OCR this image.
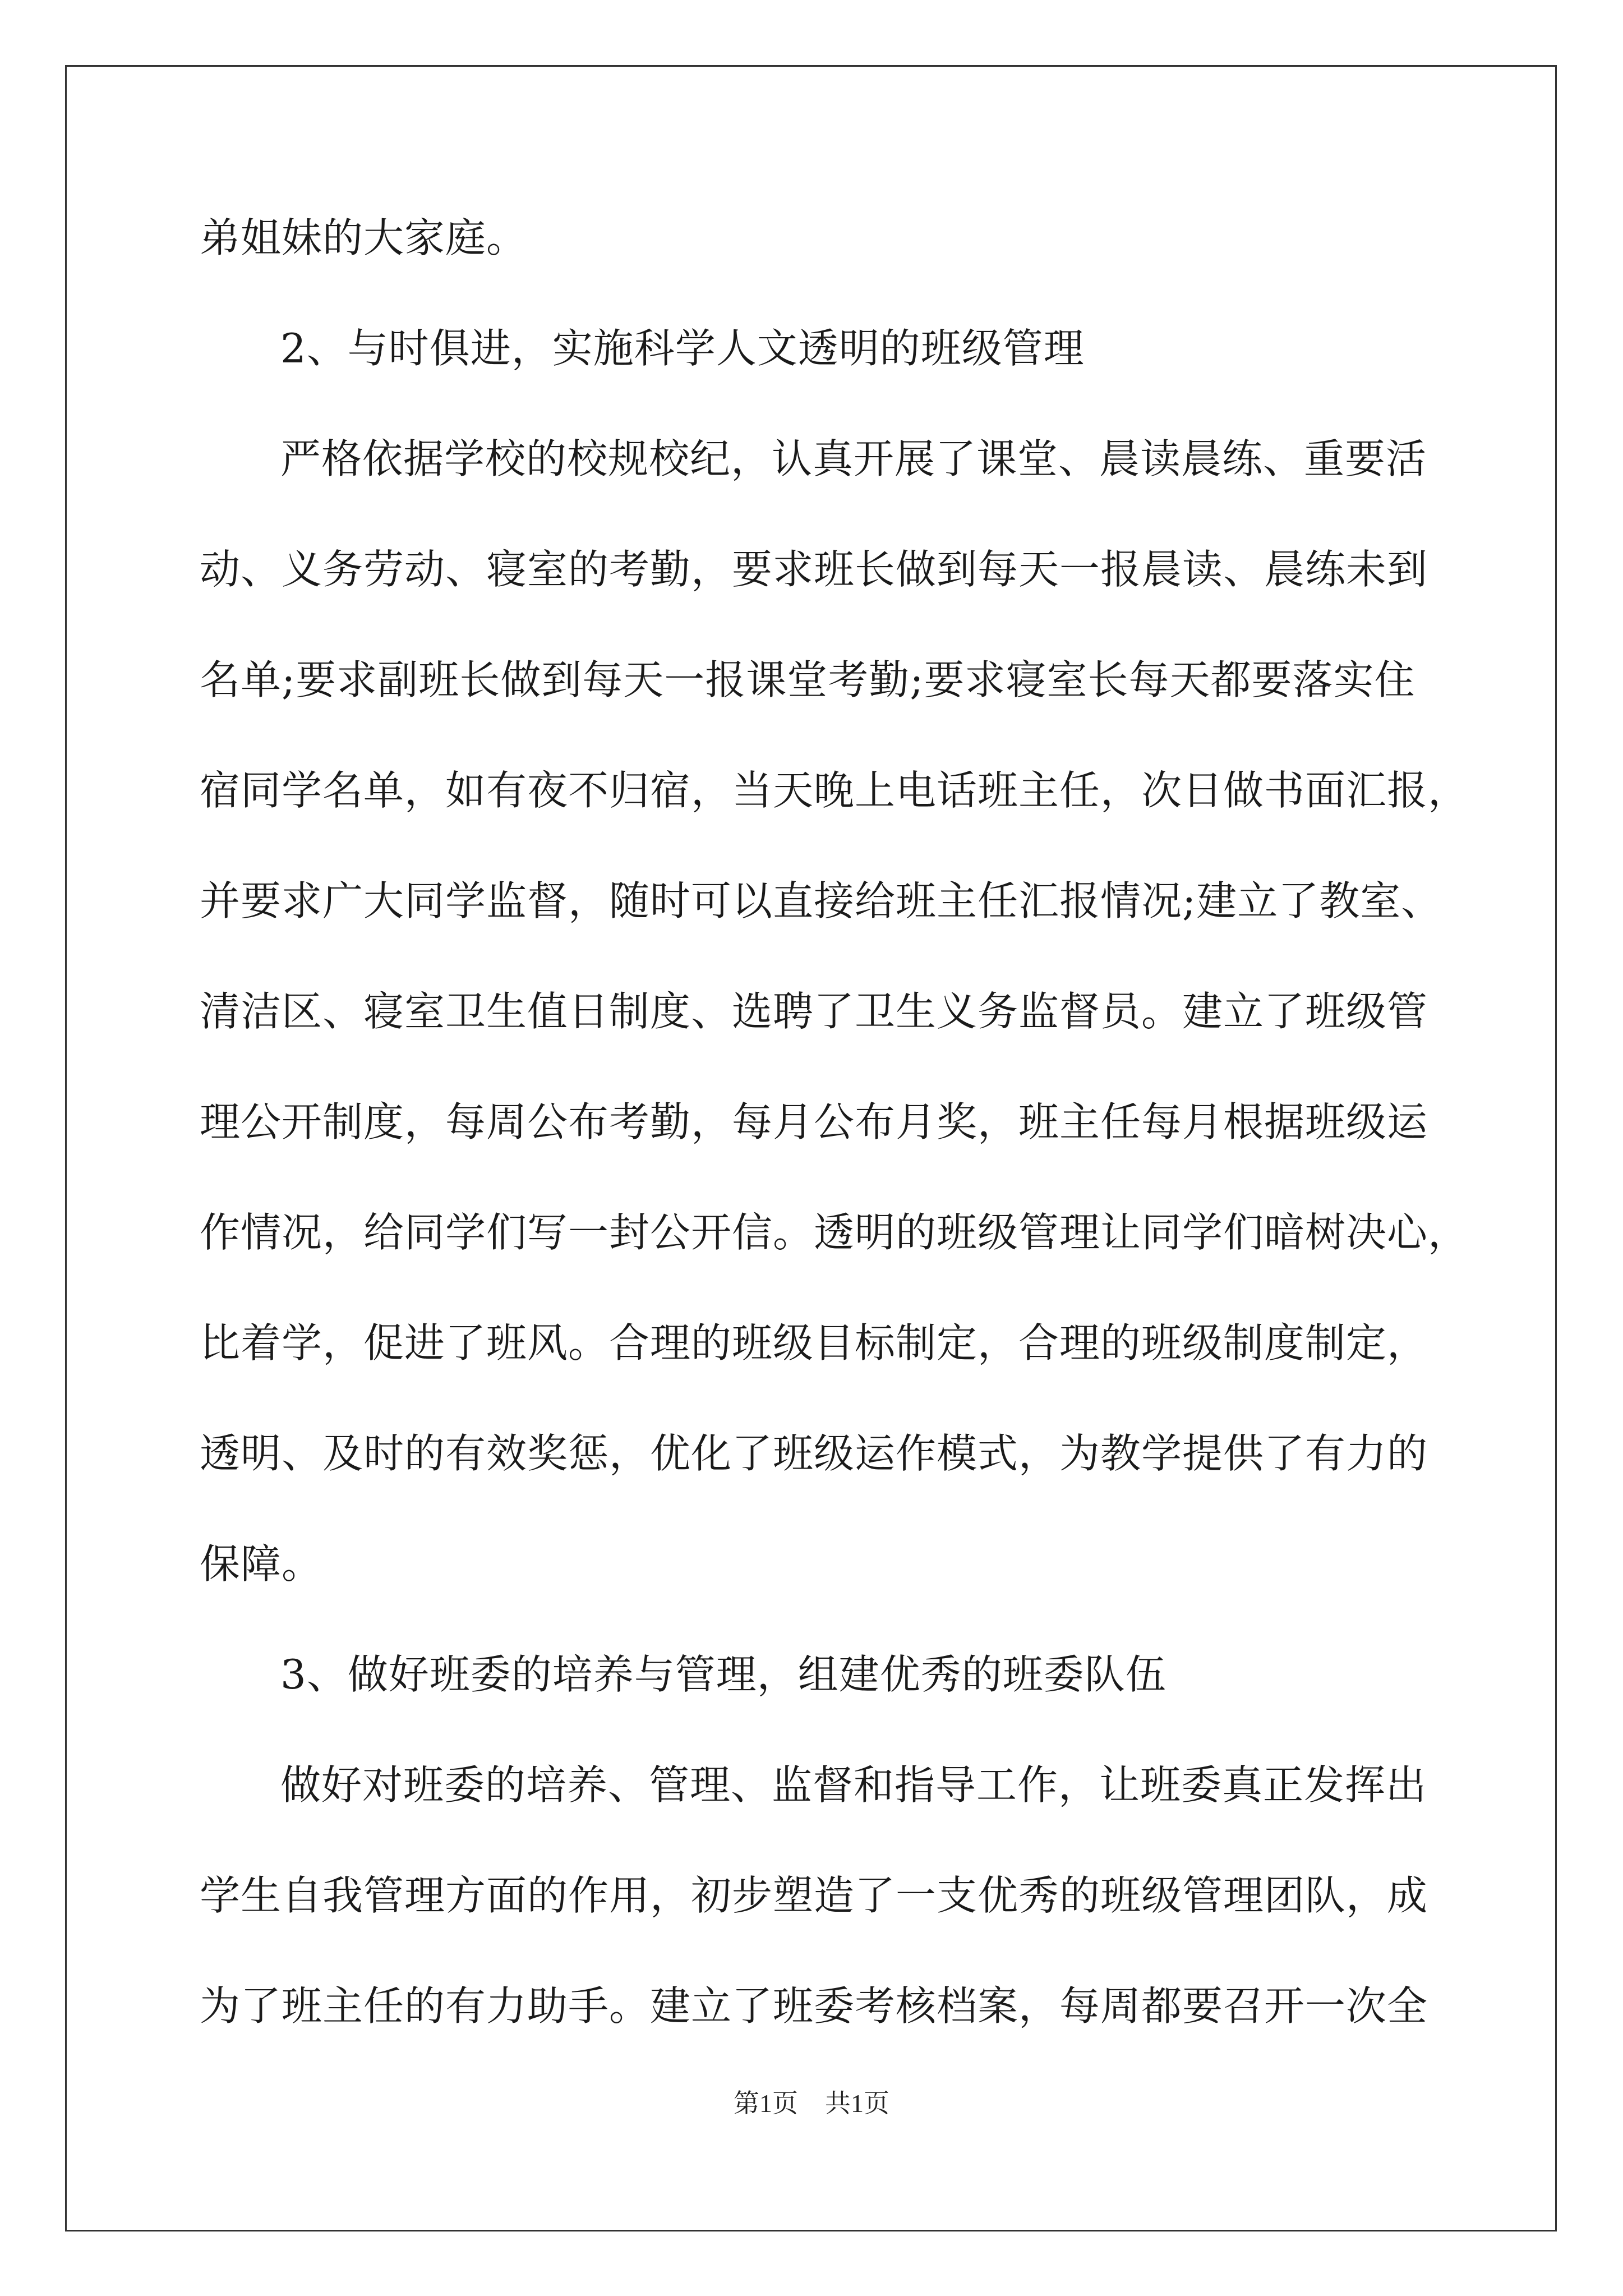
弟姐妹的大家庭。
2、与时俱进，实施科学人文透明的班级管理
严格依据学校的校规校纪，认真开展了课堂、晨读晨练、重要活
动、义务劳动、寝室的考勤，要求班长做到每天一报晨读、晨练未到
名单;要求副班长做到每天一报课堂考勤;要求寝室长每天都要落实住
宿同学名单，如有夜不归宿，当天晚上电话班主任，次日做书面汇报，
并要求广大同学监督，随时可以直接给班主任汇报情况;建立了教室、
清洁区、寝室卫生值日制度、选聘了卫生义务监督员。建立了班级管
理公开制度，每周公布考勤，每月公布月奖，班主任每月根据班级运
作情况，给同学们写一封公开信。透明的班级管理让同学们暗树决心，
比着学，促进了班风。合理的班级目标制定，合理的班级制度制定，
透明、及时的有效奖惩，优化了班级运作模式，为教学提供了有力的
保障。
3、做好班委的培养与管理，组建优秀的班委队伍
做好对班委的培养、管理、监督和指导工作，让班委真正发挥出
学生自我管理方面的作用，初步塑造了一支优秀的班级管理团队，成
为了班主任的有力助手。建立了班委考核档案，每周都要召开一次全
第1页 共1页
